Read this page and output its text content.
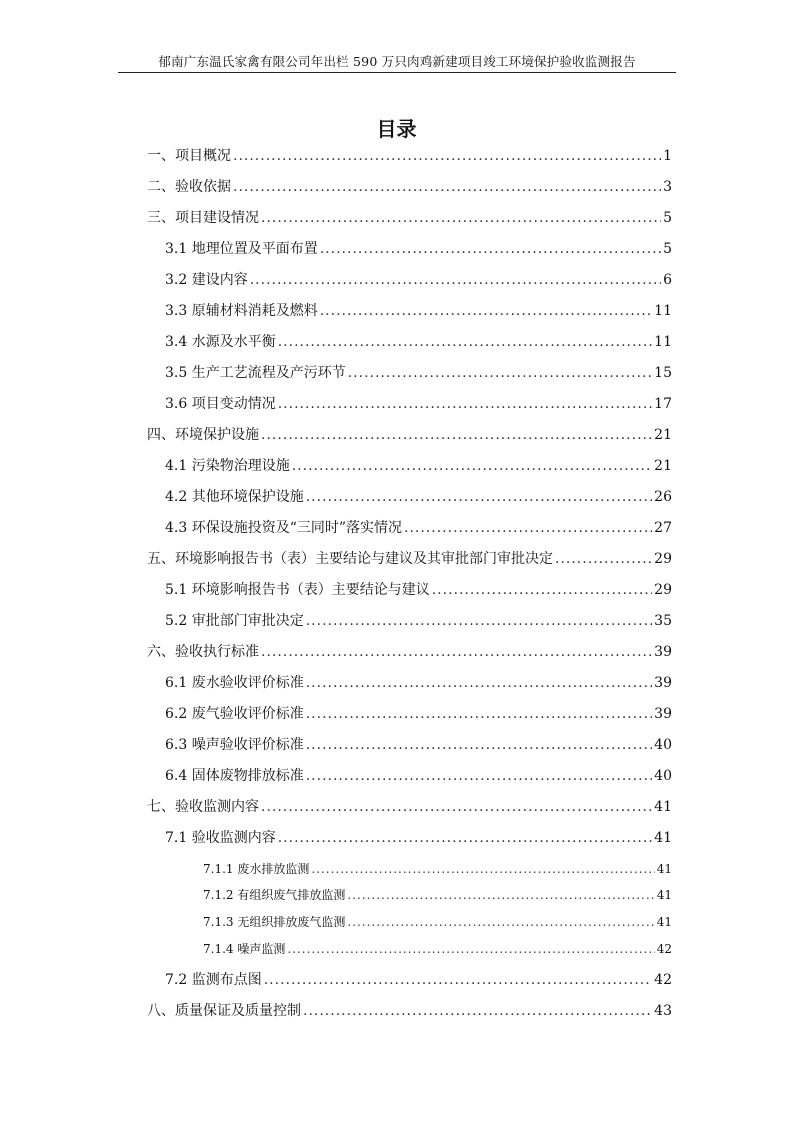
郁南广东温氏家禽有限公司年出栏 590 万只肉鸡新建项目竣工环境保护验收监测报告
目录
一、项目概况 .....	1
二、验收依据 .....	3
三、项目建设情况 .....	5
3.1 地理位置及平面布置 .....	5
3.2 建设内容 .....	6
3.3 原辅材料消耗及燃料 .....	11
3.4 水源及水平衡 .....	11
3.5 生产工艺流程及产污环节 .....	15
3.6 项目变动情况 .....	17
四、环境保护设施 .....	21
4.1 污染物治理设施 .....	21
4.2 其他环境保护设施 .....	26
4.3 环保设施投资及“三同时”落实情况 .....	27
五、环境影响报告书（表）主要结论与建议及其审批部门审批决定 .....	29
5.1 环境影响报告书（表）主要结论与建议 .....	29
5.2 审批部门审批决定 .....	35
六、验收执行标准 .....	39
6.1 废水验收评价标准 .....	39
6.2 废气验收评价标准 .....	39
6.3 噪声验收评价标准 .....	40
6.4 固体废物排放标准 .....	40
七、验收监测内容 .....	41
7.1 验收监测内容 .....	41
7.1.1 废水排放监测 .....	41
7.1.2 有组织废气排放监测 .....	41
7.1.3 无组织排放废气监测 .....	41
7.1.4 噪声监测 .....	42
7.2 监测布点图 .....	42
八、质量保证及质量控制 .....	43
